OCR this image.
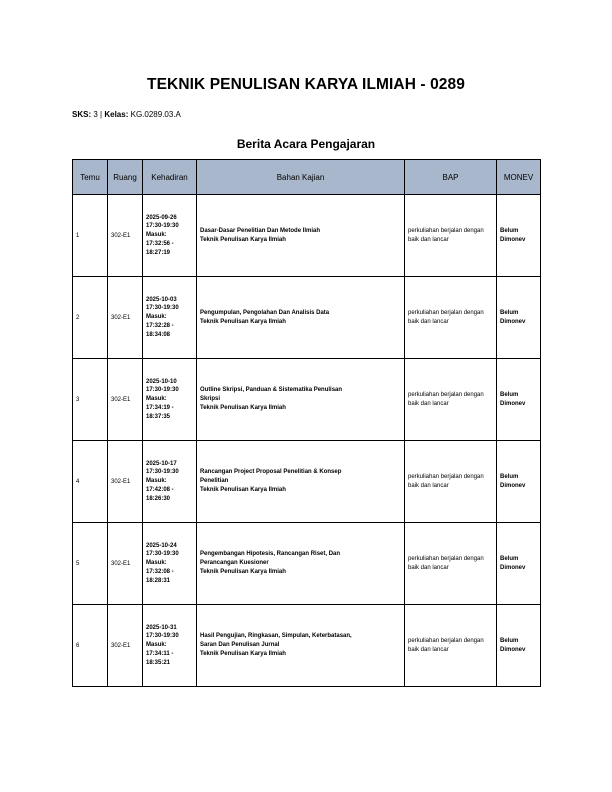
TEKNIK PENULISAN KARYA ILMIAH - 0289
SKS: 3 | Kelas: KG.0289.03.A
Berita Acara Pengajaran
Temu	Ruang	Kehadiran	Bahan Kajian	BAP	MONEV
1	302-E1	2025-09-26
17:30-19:30
Masuk:
17:32:56 -
18:27:19	Dasar-Dasar Penelitian Dan Metode Ilmiah
Teknik Penulisan Karya Ilmiah	perkuliahan berjalan dengan baik dan lancar	Belum Dimonev
2	302-E1	2025-10-03
17:30-19:30
Masuk:
17:32:28 -
18:34:08	Pengumpulan, Pengolahan Dan Analisis Data
Teknik Penulisan Karya Ilmiah	perkuliahan berjalan dengan baik dan lancar	Belum Dimonev
3	302-E1	2025-10-10
17:30-19:30
Masuk:
17:34:19 -
18:37:35	Outline Skripsi, Panduan & Sistematika Penulisan
Skripsi
Teknik Penulisan Karya Ilmiah	perkuliahan berjalan dengan baik dan lancar	Belum Dimonev
4	302-E1	2025-10-17
17:30-19:30
Masuk:
17:42:08 -
18:26:30	Rancangan Project Proposal Penelitian & Konsep
Penelitian
Teknik Penulisan Karya Ilmiah	perkuliahan berjalan dengan baik dan lancar	Belum Dimonev
5	302-E1	2025-10-24
17:30-19:30
Masuk:
17:32:08 -
18:28:31	Pengembangan Hipotesis, Rancangan Riset, Dan
Perancangan Kuesioner
Teknik Penulisan Karya Ilmiah	perkuliahan berjalan dengan baik dan lancar	Belum Dimonev
6	302-E1	2025-10-31
17:30-19:30
Masuk:
17:34:11 -
18:35:21	Hasil Pengujian, Ringkasan, Simpulan, Keterbatasan,
Saran Dan Penulisan Jurnal
Teknik Penulisan Karya Ilmiah	perkuliahan berjalan dengan baik dan lancar	Belum Dimonev
